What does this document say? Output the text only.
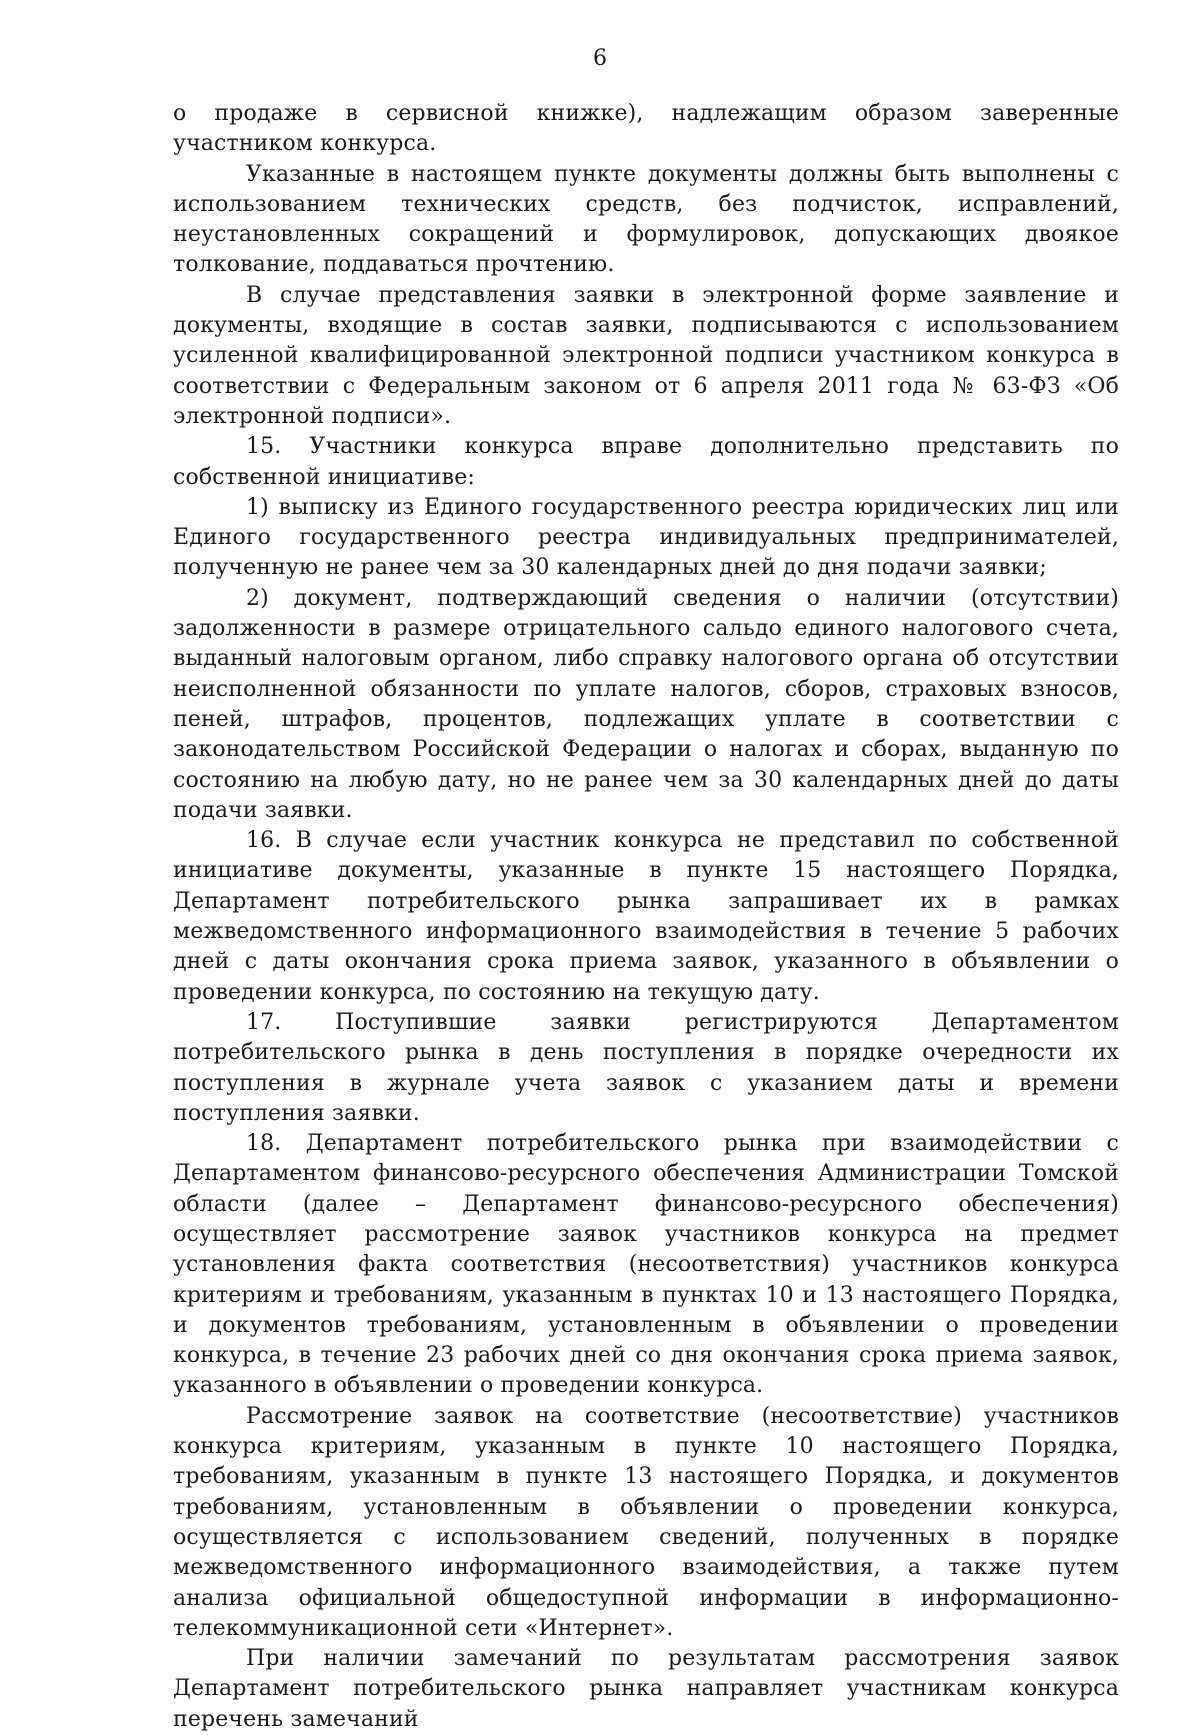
6

о продаже в сервисной книжке), надлежащим образом заверенные участником конкурса.

Указанные в настоящем пункте документы должны быть выполнены с использованием технических средств, без подчисток, исправлений, неустановленных сокращений и формулировок, допускающих двоякое толкование, поддаваться прочтению.

В случае представления заявки в электронной форме заявление и документы, входящие в состав заявки, подписываются с использованием усиленной квалифицированной электронной подписи участником конкурса в соответствии с Федеральным законом от 6 апреля 2011 года № 63-ФЗ «Об электронной подписи».

15. Участники конкурса вправе дополнительно представить по собственной инициативе:

1) выписку из Единого государственного реестра юридических лиц или Единого государственного реестра индивидуальных предпринимателей, полученную не ранее чем за 30 календарных дней до дня подачи заявки;

2) документ, подтверждающий сведения о наличии (отсутствии) задолженности в размере отрицательного сальдо единого налогового счета, выданный налоговым органом, либо справку налогового органа об отсутствии неисполненной обязанности по уплате налогов, сборов, страховых взносов, пеней, штрафов, процентов, подлежащих уплате в соответствии с законодательством Российской Федерации о налогах и сборах, выданную по состоянию на любую дату, но не ранее чем за 30 календарных дней до даты подачи заявки.

16. В случае если участник конкурса не представил по собственной инициативе документы, указанные в пункте 15 настоящего Порядка, Департамент потребительского рынка запрашивает их в рамках межведомственного информационного взаимодействия в течение 5 рабочих дней с даты окончания срока приема заявок, указанного в объявлении о проведении конкурса, по состоянию на текущую дату.

17. Поступившие заявки регистрируются Департаментом потребительского рынка в день поступления в порядке очередности их поступления в журнале учета заявок с указанием даты и времени поступления заявки.

18. Департамент потребительского рынка при взаимодействии с Департаментом финансово-ресурсного обеспечения Администрации Томской области (далее – Департамент финансово-ресурсного обеспечения) осуществляет рассмотрение заявок участников конкурса на предмет установления факта соответствия (несоответствия) участников конкурса критериям и требованиям, указанным в пунктах 10 и 13 настоящего Порядка, и документов требованиям, установленным в объявлении о проведении конкурса, в течение 23 рабочих дней со дня окончания срока приема заявок, указанного в объявлении о проведении конкурса.

Рассмотрение заявок на соответствие (несоответствие) участников конкурса критериям, указанным в пункте 10 настоящего Порядка, требованиям, указанным в пункте 13 настоящего Порядка, и документов требованиям, установленным в объявлении о проведении конкурса, осуществляется с использованием сведений, полученных в порядке межведомственного информационного взаимодействия, а также путем анализа официальной общедоступной информации в информационно-телекоммуникационной сети «Интернет».

При наличии замечаний по результатам рассмотрения заявок Департамент потребительского рынка направляет участникам конкурса перечень замечаний
